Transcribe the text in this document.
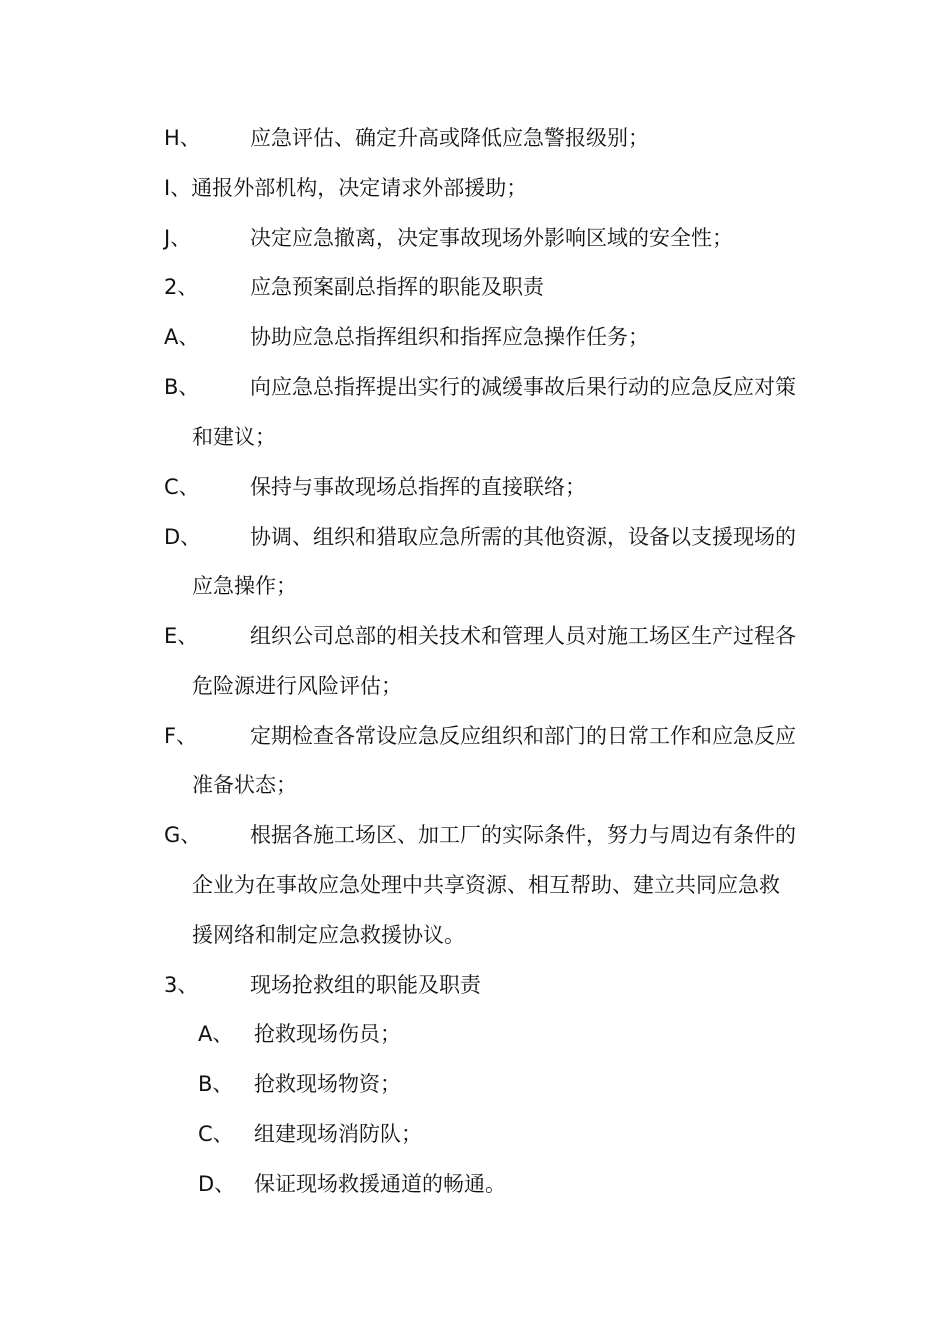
H、 应急评估、确定升高或降低应急警报级别；
I、通报外部机构，决定请求外部援助；
J、	决定应急撤离，决定事故现场外影响区域的安全性；
2、 应急预案副总指挥的职能及职责
A、 协助应急总指挥组织和指挥应急操作任务；
B、 向应急总指挥提出实行的减缓事故后果行动的应急反应对策
和建议；
C、 保持与事故现场总指挥的直接联络；
D、 协调、组织和猎取应急所需的其他资源，设备以支援现场的
应急操作；
E、 组织公司总部的相关技术和管理人员对施工场区生产过程各
危险源进行风险评估；
F、	定期检查各常设应急反应组织和部门的日常工作和应急反应
准备状态；
G、 根据各施工场区、加工厂的实际条件，努力与周边有条件的
企业为在事故应急处理中共享资源、相互帮助、建立共同应急救
援网络和制定应急救援协议。
3、 现场抢救组的职能及职责
A、 抢救现场伤员；
B、 抢救现场物资；
C、 组建现场消防队；
D、 保证现场救援通道的畅通。
